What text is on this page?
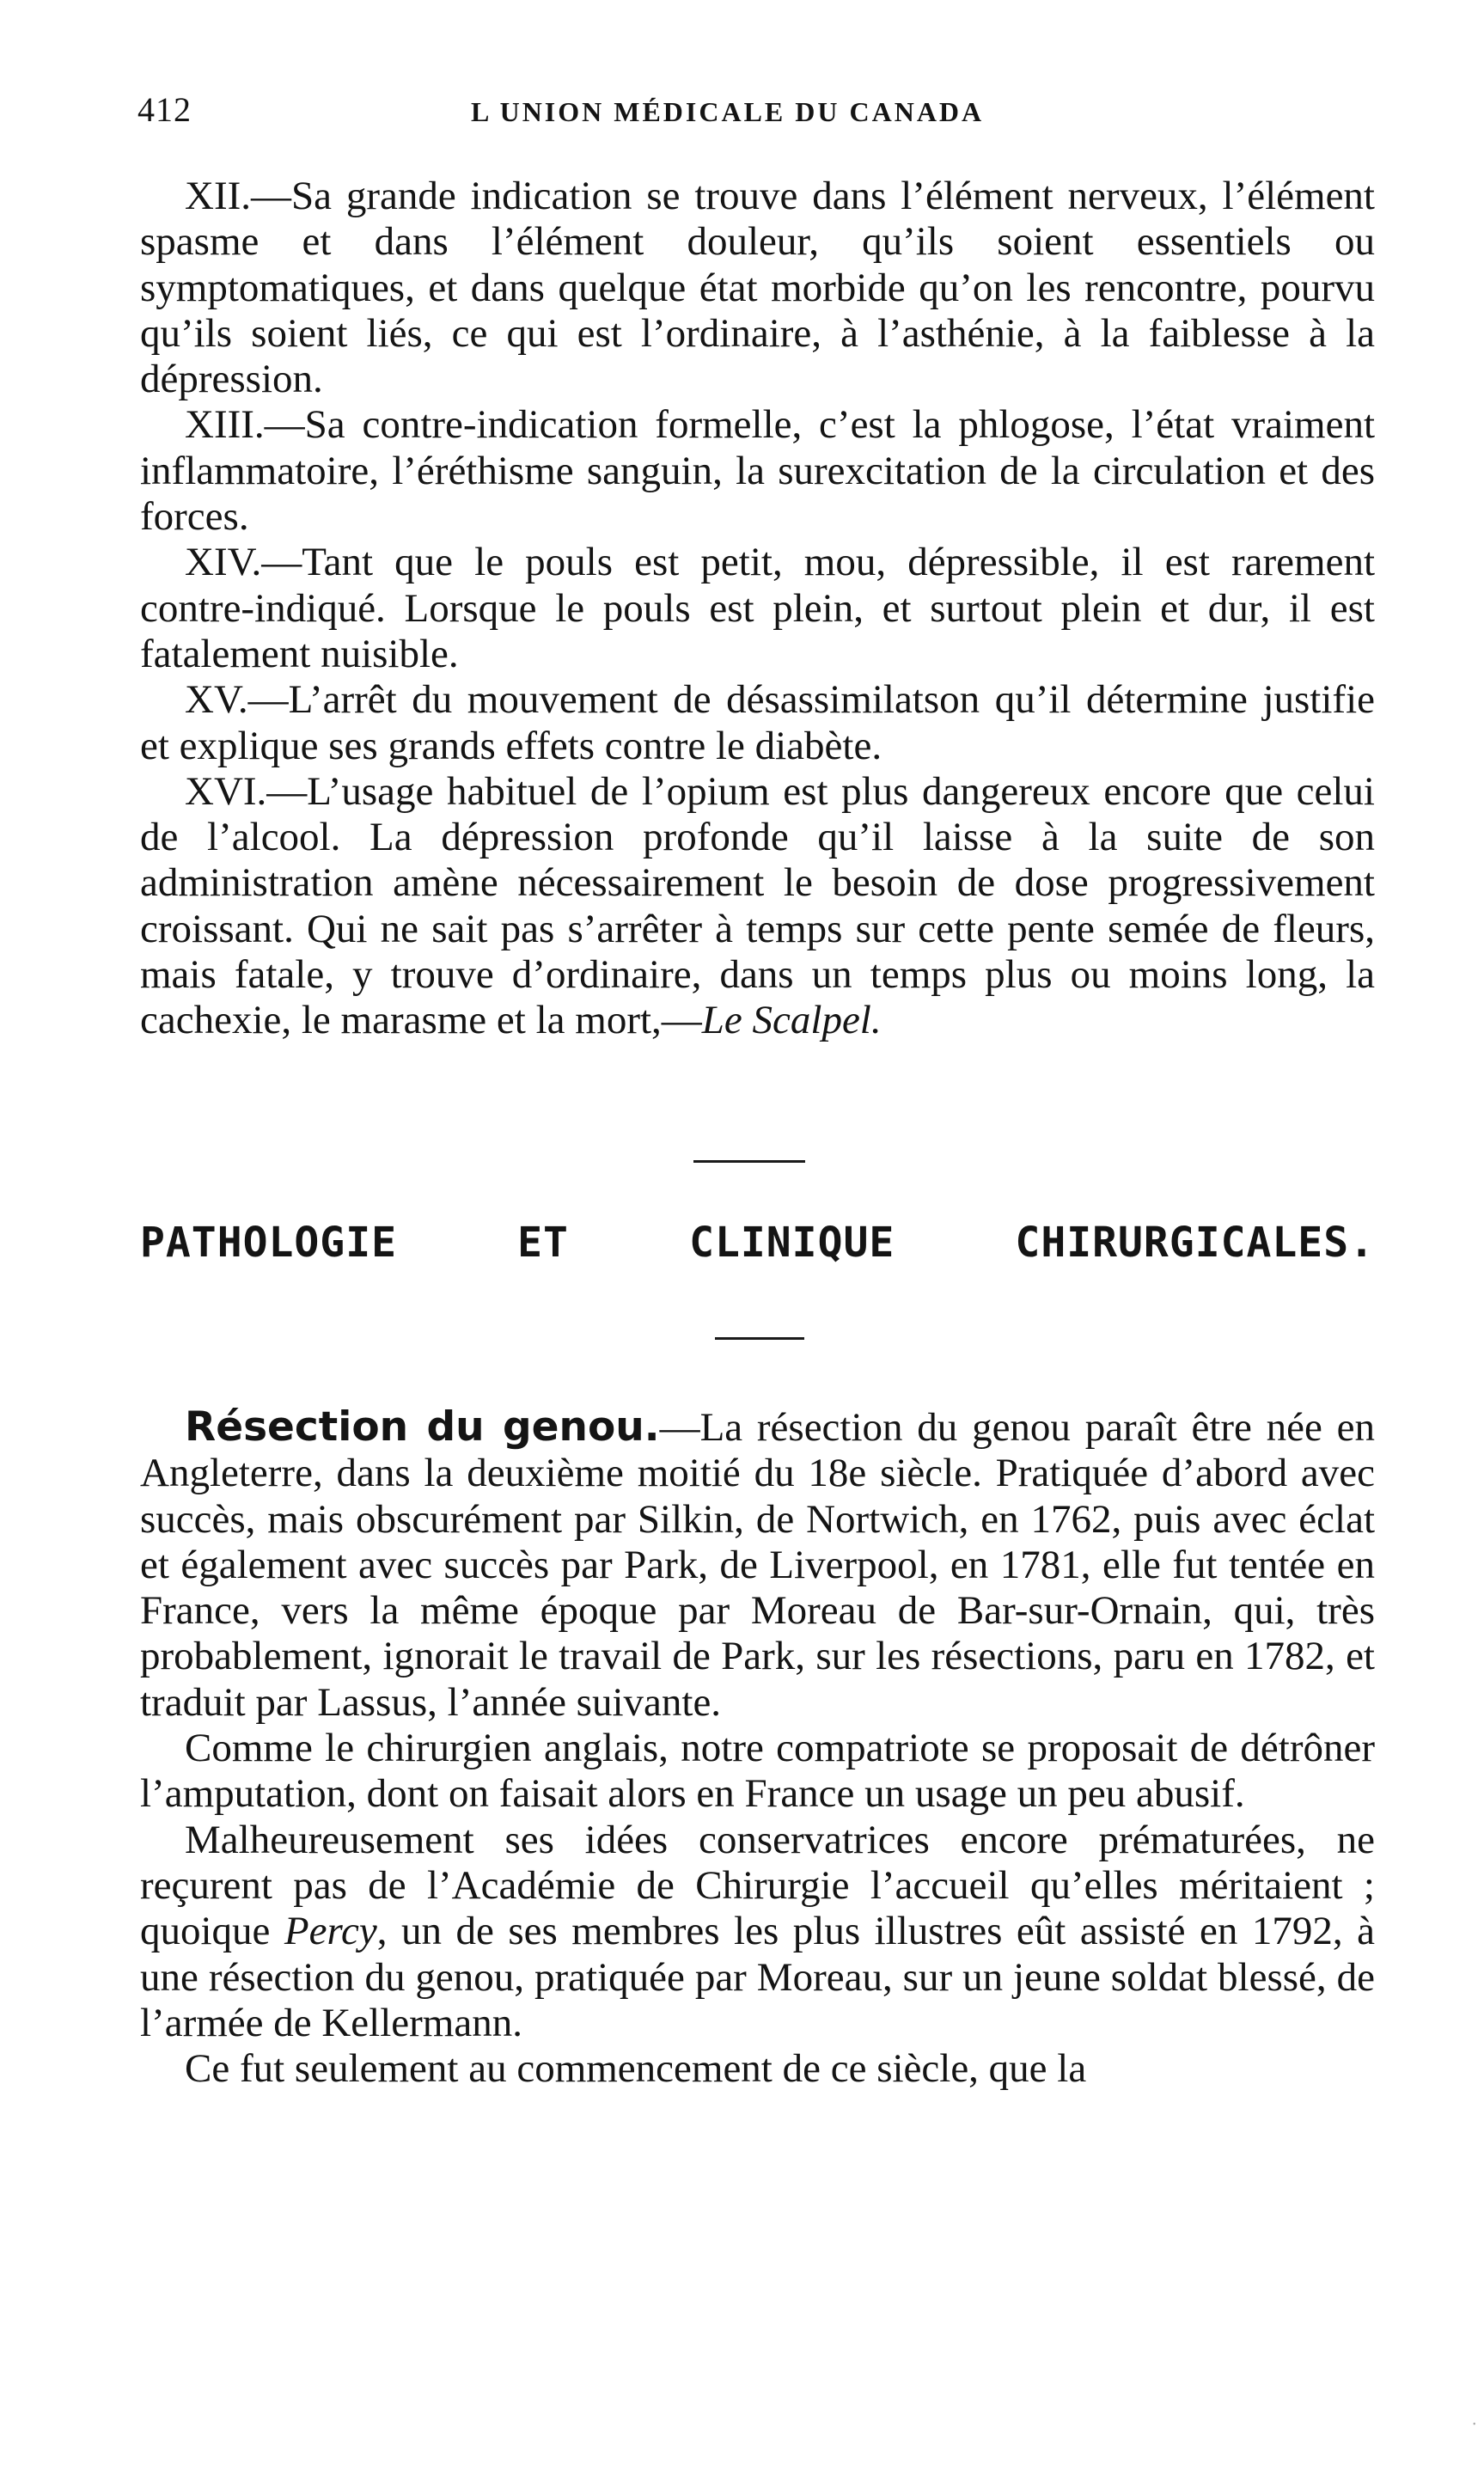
412	L UNION MÉDICALE DU CANADA

XII.—Sa grande indication se trouve dans l’élément nerveux, l’élément spasme et dans l’élément douleur, qu’ils soient essentiels ou symptomatiques, et dans quelque état morbide qu’on les rencontre, pourvu qu’ils soient liés, ce qui est l’ordinaire, à l’asthénie, à la faiblesse à la dépression.

XIII.—Sa contre-indication formelle, c’est la phlogose, l’état vraiment inflammatoire, l’éréthisme sanguin, la surexcitation de la circulation et des forces.

XIV.—Tant que le pouls est petit, mou, dépressible, il est rarement contre-indiqué. Lorsque le pouls est plein, et surtout plein et dur, il est fatalement nuisible.

XV.—L’arrêt du mouvement de désassimilatson qu’il détermine justifie et explique ses grands effets contre le diabète.

XVI.—L’usage habituel de l’opium est plus dangereux encore que celui de l’alcool. La dépression profonde qu’il laisse à la suite de son administration amène nécessairement le besoin de dose progressivement croissant. Qui ne sait pas s’arrêter à temps sur cette pente semée de fleurs, mais fatale, y trouve d’ordinaire, dans un temps plus ou moins long, la cachexie, le marasme et la mort,—Le Scalpel.

PATHOLOGIE ET CLINIQUE CHIRURGICALES.

Résection du genou.—La résection du genou paraît être née en Angleterre, dans la deuxième moitié du 18e siècle. Pratiquée d’abord avec succès, mais obscurément par Silkin, de Nortwich, en 1762, puis avec éclat et également avec succès par Park, de Liverpool, en 1781, elle fut tentée en France, vers la même époque par Moreau de Bar-sur-Ornain, qui, très probablement, ignorait le travail de Park, sur les résections, paru en 1782, et traduit par Lassus, l’année suivante.

Comme le chirurgien anglais, notre compatriote se proposait de détrôner l’amputation, dont on faisait alors en France un usage un peu abusif.

Malheureusement ses idées conservatrices encore prématurées, ne reçurent pas de l’Académie de Chirurgie l’accueil qu’elles méritaient ; quoique Percy, un de ses membres les plus illustres eût assisté en 1792, à une résection du genou, pratiquée par Moreau, sur un jeune soldat blessé, de l’armée de Kellermann.

Ce fut seulement au commencement de ce siècle, que la

·
